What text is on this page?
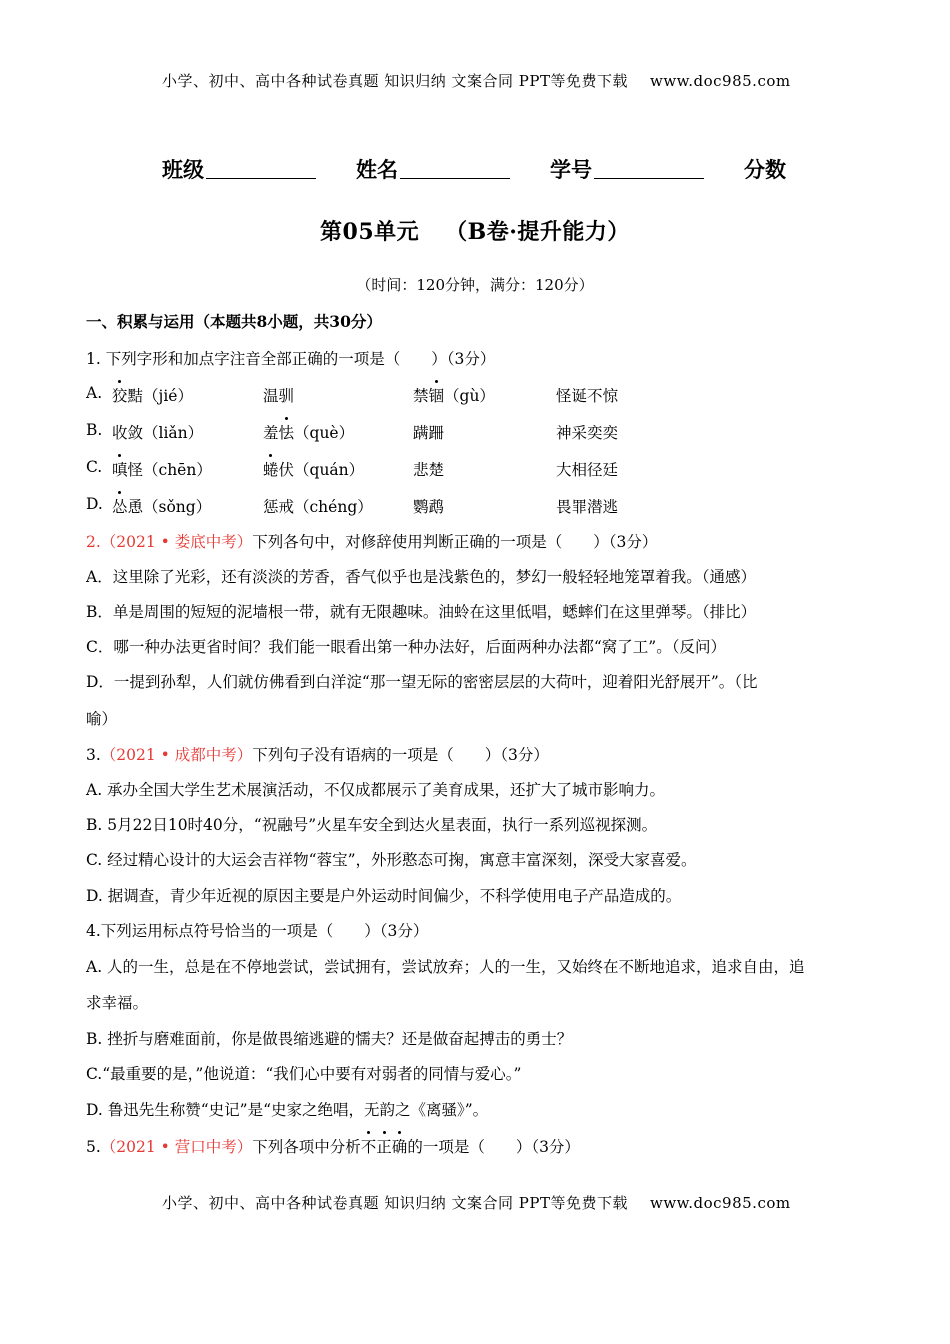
小学、初中、高中各种试卷真题 知识归纳 文案合同 PPT等免费下载 www.doc985.com
班级	姓名	学号	分数
第05单元 （B卷·提升能力）
（时间：120分钟，满分：120分）
一、积累与运用（本题共8小题，共30分）
1. 下列字形和加点字注音全部正确的一项是（　　）（3分）
A. 狡黠（jié）	温驯	禁锢（gù）	怪诞不惊
B. 收敛（liǎn）	羞怯（què）	蹒跚	神采奕奕
C. 嗔怪（chēn）	蜷伏（quán）	悲楚	大相径廷
D. 怂恿（sǒng）	惩戒（chéng）	鹦鹉	畏罪潜逃
2.（2021 • 娄底中考）下列各句中，对修辞使用判断正确的一项是（　　）（3分）
A．这里除了光彩，还有淡淡的芳香，香气似乎也是浅紫色的，梦幻一般轻轻地笼罩着我。（通感）
B．单是周围的短短的泥墙根一带，就有无限趣味。油蛉在这里低唱，蟋蟀们在这里弹琴。（排比）
C．哪一种办法更省时间？我们能一眼看出第一种办法好，后面两种办法都“窝了工”。（反问）
D．一提到孙犁，人们就仿佛看到白洋淀“那一望无际的密密层层的大荷叶，迎着阳光舒展开”。（比
喻）
3.（2021 • 成都中考）下列句子没有语病的一项是（　　）（3分）
A. 承办全国大学生艺术展演活动，不仅成都展示了美育成果，还扩大了城市影响力。
B. 5月22日10时40分，“祝融号”火星车安全到达火星表面，执行一系列巡视探测。
C. 经过精心设计的大运会吉祥物“蓉宝”，外形憨态可掬，寓意丰富深刻，深受大家喜爱。
D. 据调查，青少年近视的原因主要是户外运动时间偏少，不科学使用电子产品造成的。
4.下列运用标点符号恰当的一项是（　　）（3分）
A. 人的一生，总是在不停地尝试，尝试拥有，尝试放弃；人的一生，又始终在不断地追求，追求自由，追
求幸福。
B. 挫折与磨难面前，你是做畏缩逃避的懦夫？还是做奋起搏击的勇士？
C.“最重要的是，”他说道：“我们心中要有对弱者的同情与爱心。”
D. 鲁迅先生称赞“史记”是“史家之绝唱，无韵之《离骚》”。
5.（2021 • 营口中考）下列各项中分析不正确的一项是（　　）（3分）
小学、初中、高中各种试卷真题 知识归纳 文案合同 PPT等免费下载 www.doc985.com
